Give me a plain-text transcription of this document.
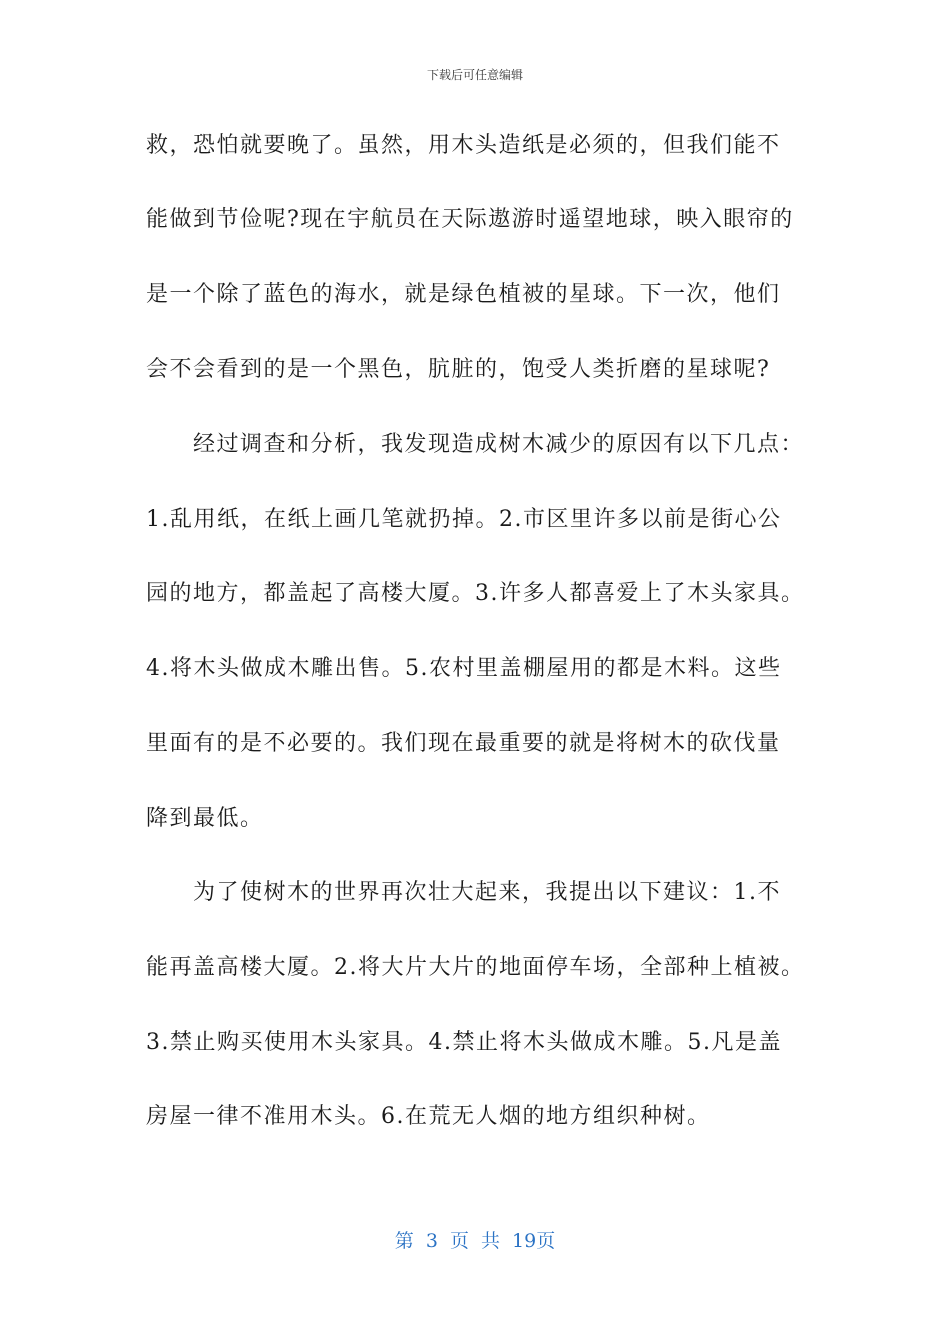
下载后可任意编辑
救，恐怕就要晚了。虽然，用木头造纸是必须的，但我们能不
能做到节俭呢?现在宇航员在天际遨游时遥望地球，映入眼帘的
是一个除了蓝色的海水，就是绿色植被的星球。下一次，他们
会不会看到的是一个黑色，肮脏的，饱受人类折磨的星球呢?
经过调查和分析，我发现造成树木减少的原因有以下几点：
1.乱用纸，在纸上画几笔就扔掉。2.市区里许多以前是街心公
园的地方，都盖起了高楼大厦。3.许多人都喜爱上了木头家具。
4.将木头做成木雕出售。5.农村里盖棚屋用的都是木料。这些
里面有的是不必要的。我们现在最重要的就是将树木的砍伐量
降到最低。
为了使树木的世界再次壮大起来，我提出以下建议：1.不
能再盖高楼大厦。2.将大片大片的地面停车场，全部种上植被。
3.禁止购买使用木头家具。4.禁止将木头做成木雕。5.凡是盖
房屋一律不准用木头。6.在荒无人烟的地方组织种树。
第 3 页 共 19页
